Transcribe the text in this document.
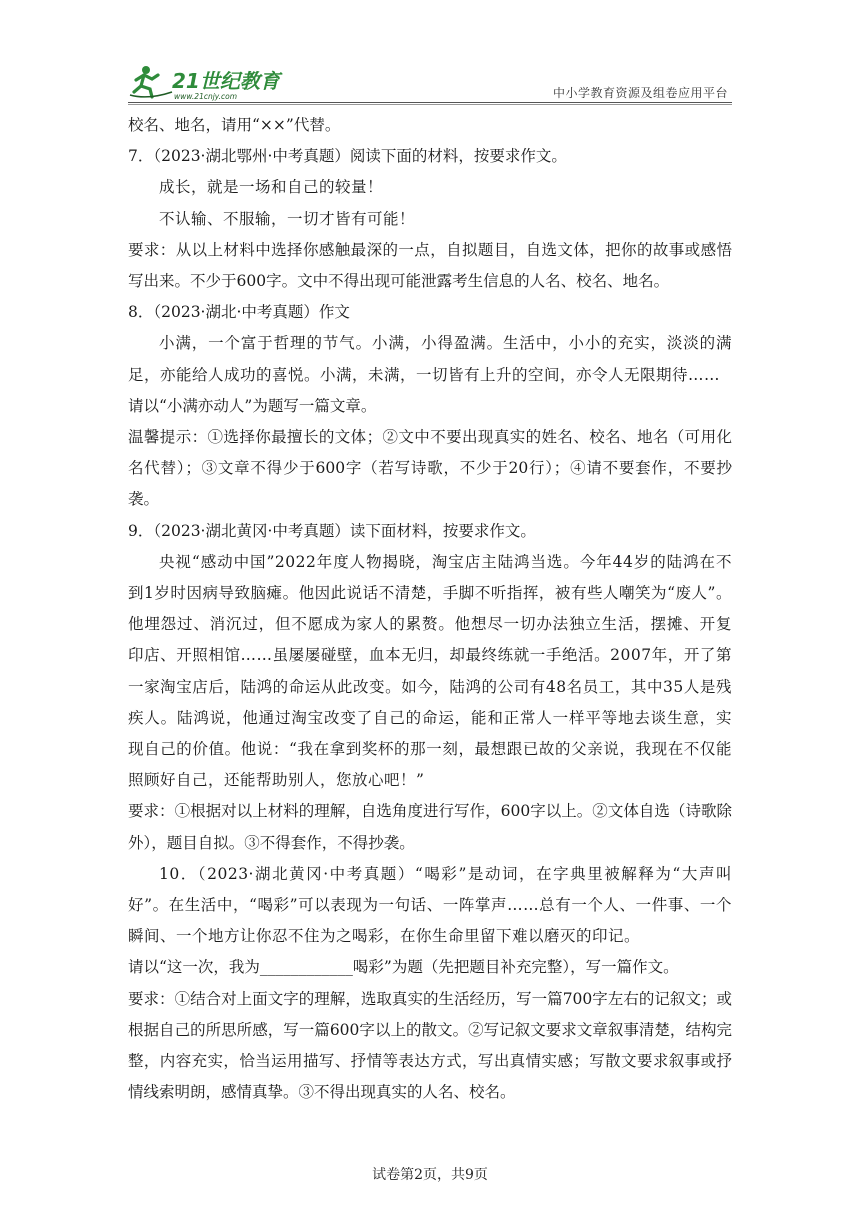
21世纪教育
www.21cnjy.com	中小学教育资源及组卷应用平台

校名、地名，请用“××”代替。

7．（2023·湖北鄂州·中考真题）阅读下面的材料，按要求作文。

成长，就是一场和自己的较量！

不认输、不服输，一切才皆有可能！

要求：从以上材料中选择你感触最深的一点，自拟题目，自选文体，把你的故事或感悟写出来。不少于600字。文中不得出现可能泄露考生信息的人名、校名、地名。

8．（2023·湖北·中考真题）作文

小满，一个富于哲理的节气。小满，小得盈满。生活中，小小的充实，淡淡的满足，亦能给人成功的喜悦。小满，未满，一切皆有上升的空间，亦令人无限期待……

请以“小满亦动人”为题写一篇文章。

温馨提示：①选择你最擅长的文体；②文中不要出现真实的姓名、校名、地名（可用化名代替）；③文章不得少于600字（若写诗歌，不少于20行）；④请不要套作，不要抄袭。

9．（2023·湖北黄冈·中考真题）读下面材料，按要求作文。

央视“感动中国”2022年度人物揭晓，淘宝店主陆鸿当选。今年44岁的陆鸿在不到1岁时因病导致脑瘫。他因此说话不清楚，手脚不听指挥，被有些人嘲笑为“废人”。他埋怨过、消沉过，但不愿成为家人的累赘。他想尽一切办法独立生活，摆摊、开复印店、开照相馆……虽屡屡碰壁，血本无归，却最终练就一手绝活。2007年，开了第一家淘宝店后，陆鸿的命运从此改变。如今，陆鸿的公司有48名员工，其中35人是残疾人。陆鸿说，他通过淘宝改变了自己的命运，能和正常人一样平等地去谈生意，实现自己的价值。他说：“我在拿到奖杯的那一刻，最想跟已故的父亲说，我现在不仅能照顾好自己，还能帮助别人，您放心吧！”

要求：①根据对以上材料的理解，自选角度进行写作，600字以上。②文体自选（诗歌除外），题目自拟。③不得套作，不得抄袭。

10．（2023·湖北黄冈·中考真题）“喝彩”是动词，在字典里被解释为“大声叫好”。在生活中，“喝彩”可以表现为一句话、一阵掌声……总有一个人、一件事、一个瞬间、一个地方让你忍不住为之喝彩，在你生命里留下难以磨灭的印记。

请以“这一次，我为____________喝彩”为题（先把题目补充完整），写一篇作文。

要求：①结合对上面文字的理解，选取真实的生活经历，写一篇700字左右的记叙文；或根据自己的所思所感，写一篇600字以上的散文。②写记叙文要求文章叙事清楚，结构完整，内容充实，恰当运用描写、抒情等表达方式，写出真情实感；写散文要求叙事或抒情线索明朗，感情真挚。③不得出现真实的人名、校名。

试卷第2页，共9页
